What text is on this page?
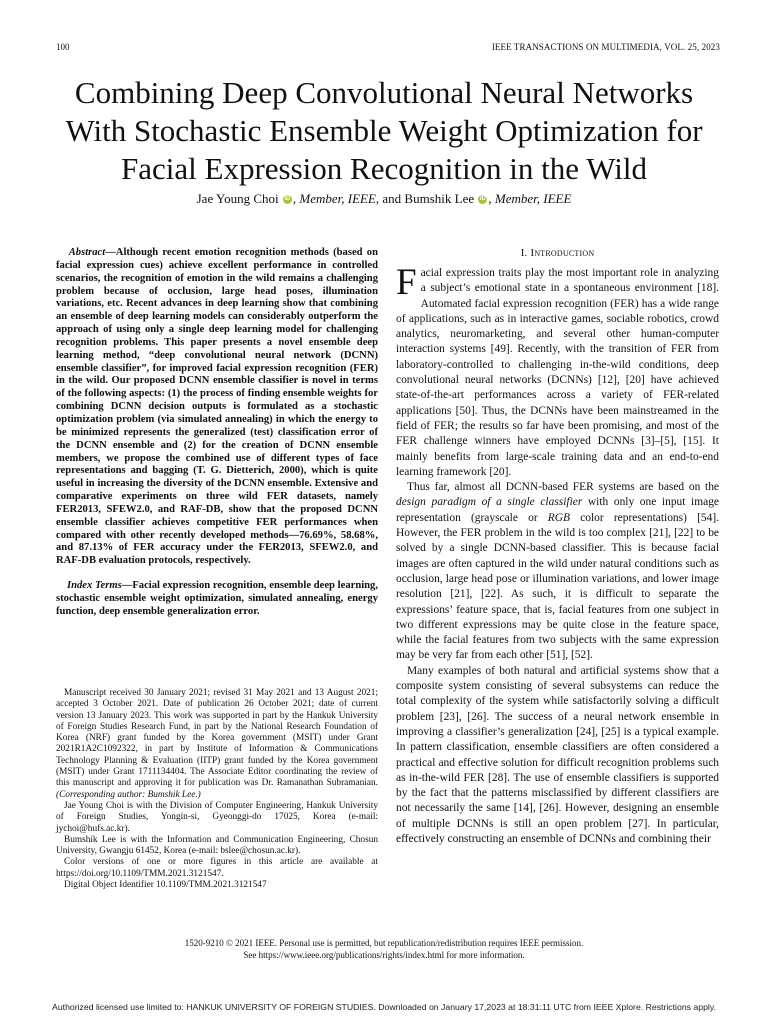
100	IEEE TRANSACTIONS ON MULTIMEDIA, VOL. 25, 2023
Combining Deep Convolutional Neural Networks
With Stochastic Ensemble Weight Optimization for
Facial Expression Recognition in the Wild
Jae Young Choi iD , Member, IEEE, and Bumshik Lee iD , Member, IEEE

Abstract—Although recent emotion recognition methods (based on facial expression cues) achieve excellent performance in controlled scenarios, the recognition of emotion in the wild remains a challenging problem because of occlusion, large head poses, illumination variations, etc. Recent advances in deep learning show that combining an ensemble of deep learning models can considerably outperform the approach of using only a single deep learning model for challenging recognition problems. This paper presents a novel ensemble deep learning method, “deep convolutional neural network (DCNN) ensemble classifier”, for improved facial expression recognition (FER) in the wild. Our proposed DCNN ensemble classifier is novel in terms of the following aspects: (1) the process of finding ensemble weights for combining DCNN decision outputs is formulated as a stochastic optimization problem (via simulated annealing) in which the energy to be minimized represents the generalized (test) classification error of the DCNN ensemble and (2) for the creation of DCNN ensemble members, we propose the combined use of different types of face representations and bagging (T. G. Dietterich, 2000), which is quite useful in increasing the diversity of the DCNN ensemble. Extensive and comparative experiments on three wild FER datasets, namely FER2013, SFEW2.0, and RAF-DB, show that the proposed DCNN ensemble classifier achieves competitive FER performances when compared with other recently developed methods—76.69%, 58.68%, and 87.13% of FER accuracy under the FER2013, SFEW2.0, and RAF-DB evaluation protocols, respectively.

Index Terms—Facial expression recognition, ensemble deep learning, stochastic ensemble weight optimization, simulated annealing, energy function, deep ensemble generalization error.

Manuscript received 30 January 2021; revised 31 May 2021 and 13 August 2021; accepted 3 October 2021. Date of publication 26 October 2021; date of current version 13 January 2023. This work was supported in part by the Hankuk University of Foreign Studies Research Fund, in part by the National Research Foundation of Korea (NRF) grant funded by the Korea government (MSIT) under Grant 2021R1A2C1092322, in part by Institute of Information & Communications Technology Planning & Evaluation (IITP) grant funded by the Korea government (MSIT) under Grant 1711134404. The Associate Editor coordinating the review of this manuscript and approving it for publication was Dr. Ramanathan Subramanian. (Corresponding author: Bumshik Lee.)

Jae Young Choi is with the Division of Computer Engineering, Hankuk University of Foreign Studies, Yongin-si, Gyeonggi-do 17025, Korea (e-mail: jychoi@hufs.ac.kr).

Bumshik Lee is with the Information and Communication Engineering, Chosun University, Gwangju 61452, Korea (e-mail: bslee@chosun.ac.kr).

Color versions of one or more figures in this article are available at https://doi.org/10.1109/TMM.2021.3121547.

Digital Object Identifier 10.1109/TMM.2021.3121547

I. Introduction

Facial expression traits play the most important role in analyzing a subject’s emotional state in a spontaneous environment [18]. Automated facial expression recognition (FER) has a wide range of applications, such as in interactive games, sociable robotics, crowd analytics, neuromarketing, and several other human-computer interaction systems [49]. Recently, with the transition of FER from laboratory-controlled to challenging in-the-wild conditions, deep convolutional neural networks (DCNNs) [12], [20] have achieved state-of-the-art performances across a variety of FER-related applications [50]. Thus, the DCNNs have been mainstreamed in the field of FER; the results so far have been promising, and most of the FER challenge winners have employed DCNNs [3]–[5], [15]. It mainly benefits from large-scale training data and an end-to-end learning framework [20].

Thus far, almost all DCNN-based FER systems are based on the design paradigm of a single classifier with only one input image representation (grayscale or RGB color representations) [54]. However, the FER problem in the wild is too complex [21], [22] to be solved by a single DCNN-based classifier. This is because facial images are often captured in the wild under natural conditions such as occlusion, large head pose or illumination variations, and lower image resolution [21], [22]. As such, it is difficult to separate the expressions’ feature space, that is, facial features from one subject in two different expressions may be quite close in the feature space, while the facial features from two subjects with the same expression may be very far from each other [51], [52].

Many examples of both natural and artificial systems show that a composite system consisting of several subsystems can reduce the total complexity of the system while satisfactorily solving a difficult problem [23], [26]. The success of a neural network ensemble in improving a classifier’s generalization [24], [25] is a typical example. In pattern classification, ensemble classifiers are often considered a practical and effective solution for difficult recognition problems such as in-the-wild FER [28]. The use of ensemble classifiers is supported by the fact that the patterns misclassified by different classifiers are not necessarily the same [14], [26]. However, designing an ensemble of multiple DCNNs is still an open problem [27]. In particular, effectively constructing an ensemble of DCNNs and combining their

1520-9210 © 2021 IEEE. Personal use is permitted, but republication/redistribution requires IEEE permission.
See https://www.ieee.org/publications/rights/index.html for more information.
Authorized licensed use limited to: HANKUK UNIVERSITY OF FOREIGN STUDIES. Downloaded on January 17,2023 at 18:31:11 UTC from IEEE Xplore. Restrictions apply.
